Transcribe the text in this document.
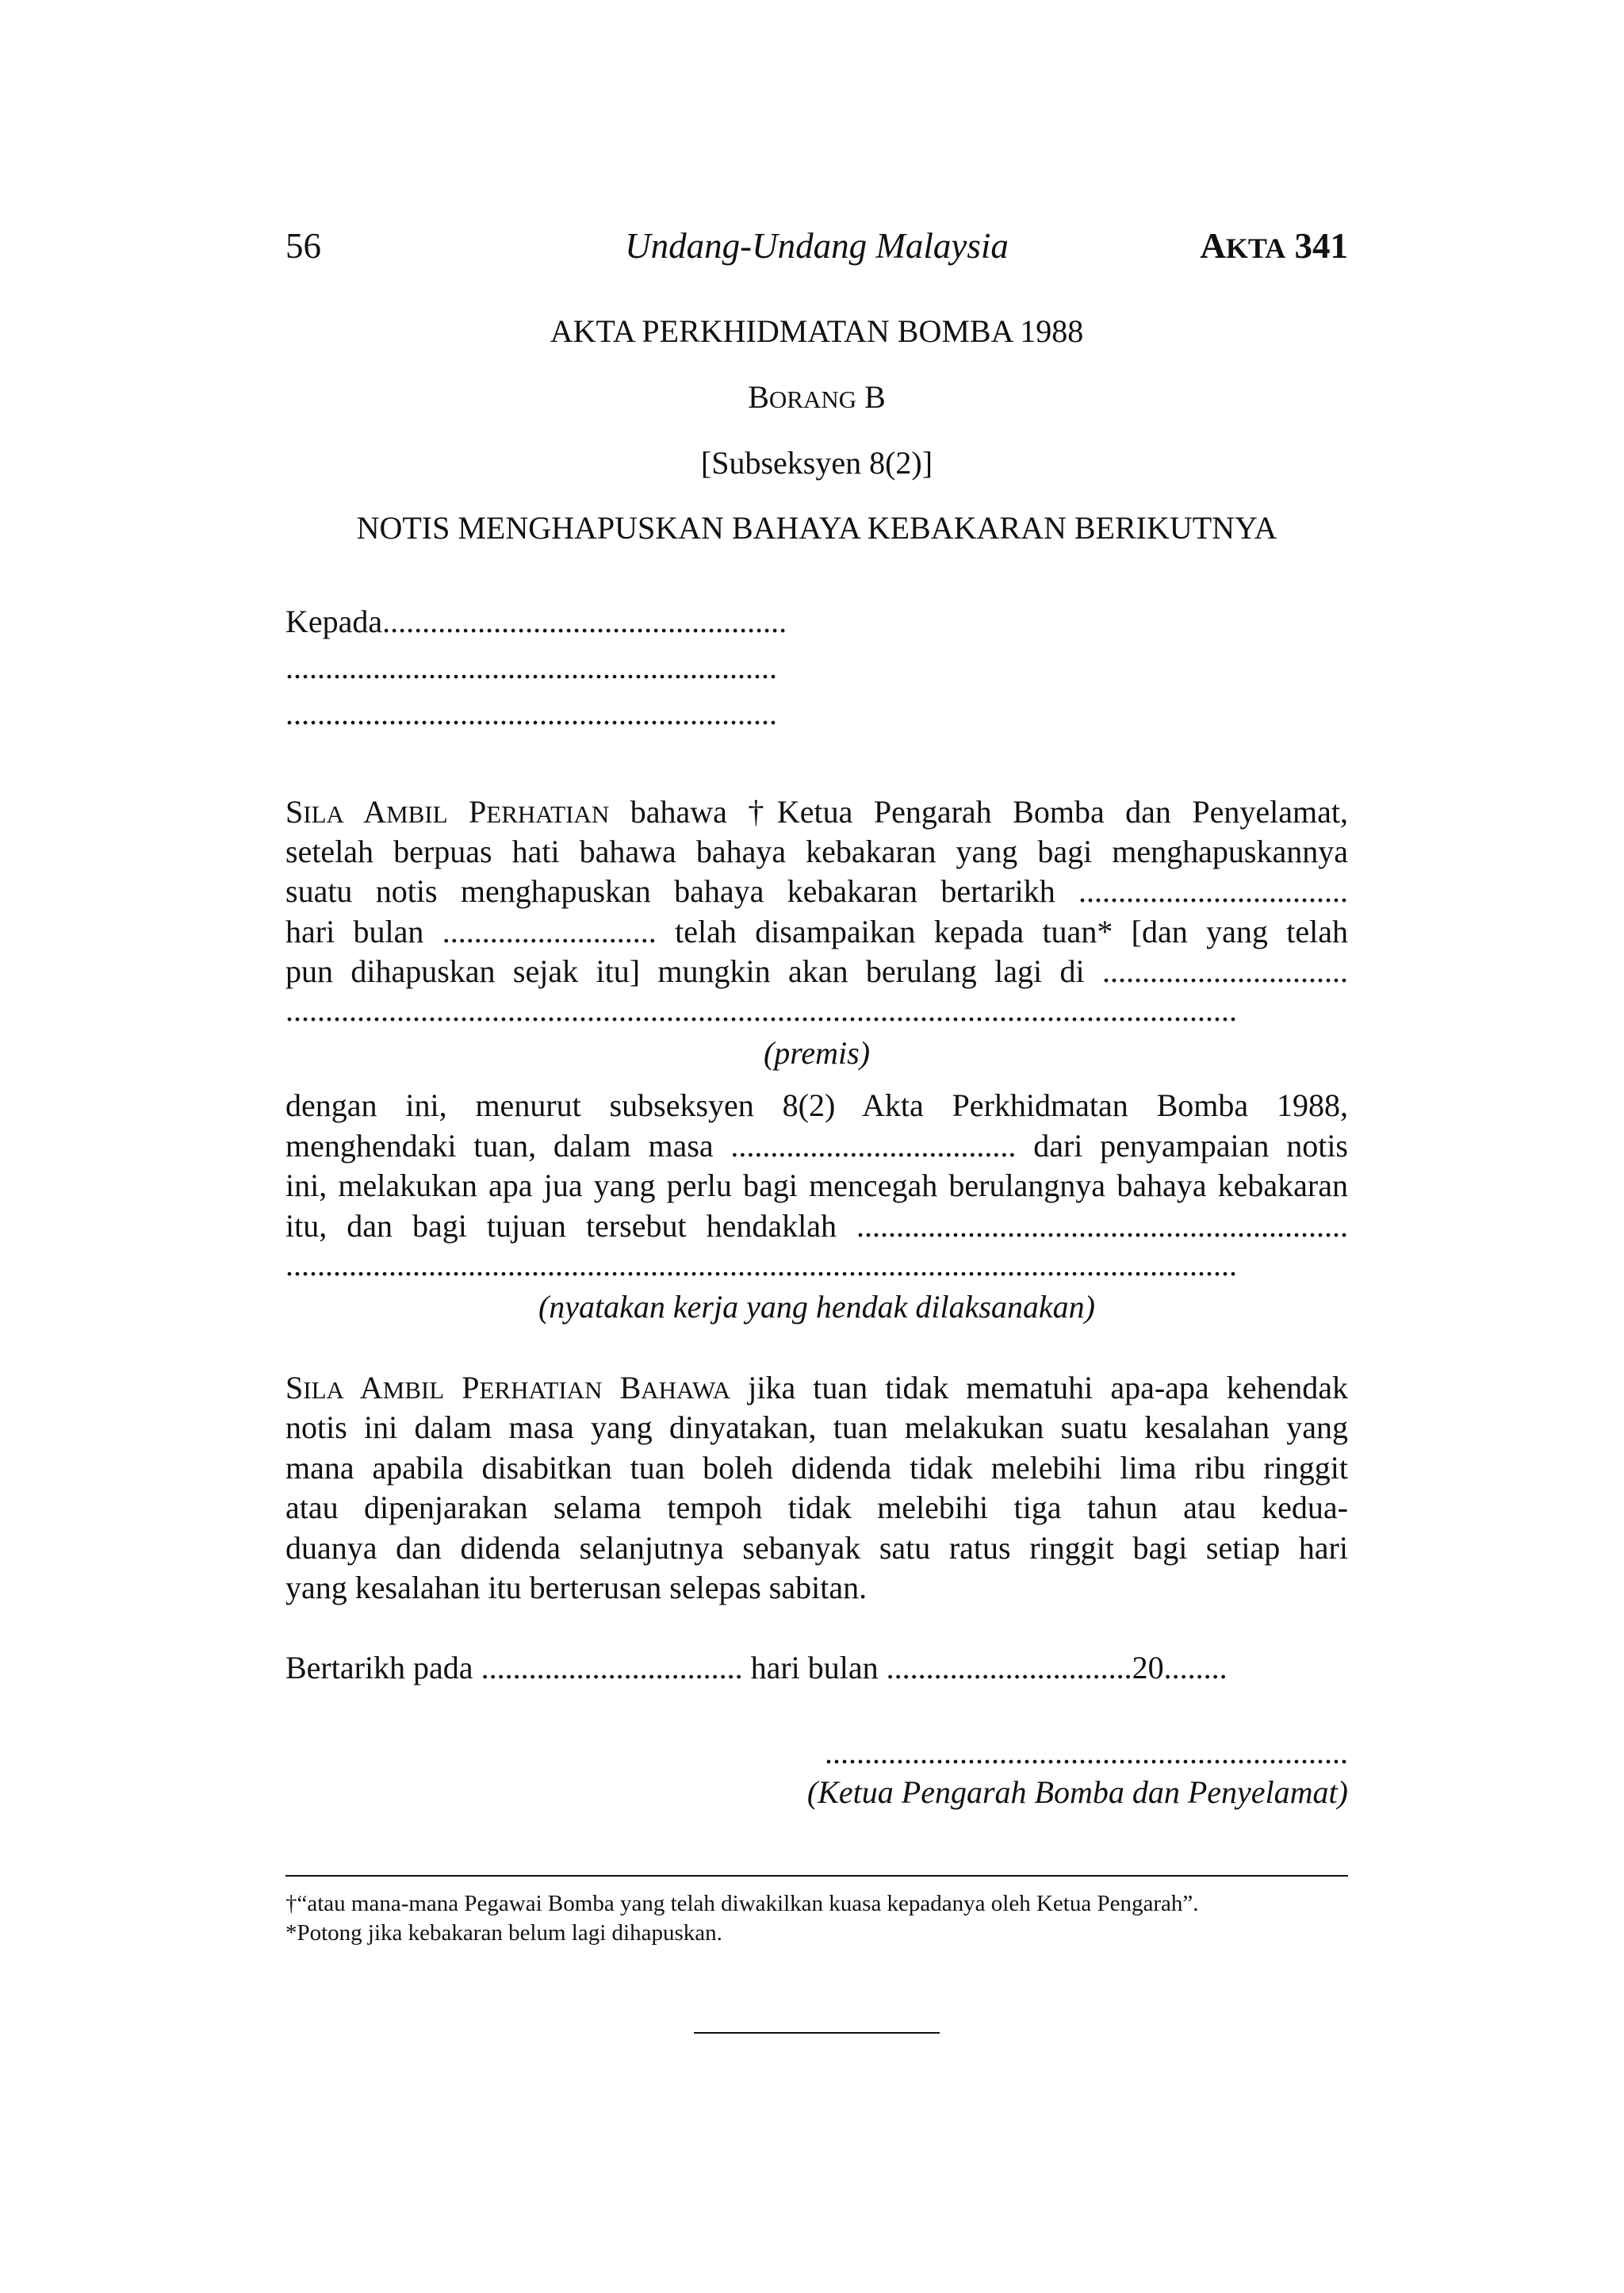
56	Undang-Undang Malaysia	AKTA 341
AKTA PERKHIDMATAN BOMBA 1988
BORANG B
[Subseksyen 8(2)]
NOTIS MENGHAPUSKAN BAHAYA KEBAKARAN BERIKUTNYA
Kepada...................................................
..............................................................
..............................................................
SILA AMBIL PERHATIAN bahawa †Ketua Pengarah Bomba dan Penyelamat,
setelah berpuas hati bahawa bahaya kebakaran yang bagi menghapuskannya
suatu notis menghapuskan bahaya kebakaran bertarikh ..................................
hari bulan ........................... telah disampaikan kepada tuan* [dan yang telah
pun dihapuskan sejak itu] mungkin akan berulang lagi di ...............................
........................................................................................................................
(premis)
dengan ini, menurut subseksyen 8(2) Akta Perkhidmatan Bomba 1988,
menghendaki tuan, dalam masa .................................... dari penyampaian notis
ini, melakukan apa jua yang perlu bagi mencegah berulangnya bahaya kebakaran
itu, dan bagi tujuan tersebut hendaklah ..............................................................
........................................................................................................................
(nyatakan kerja yang hendak dilaksanakan)
SILA AMBIL PERHATIAN BAHAWA jika tuan tidak mematuhi apa-apa kehendak
notis ini dalam masa yang dinyatakan, tuan melakukan suatu kesalahan yang
mana apabila disabitkan tuan boleh didenda tidak melebihi lima ribu ringgit
atau dipenjarakan selama tempoh tidak melebihi tiga tahun atau kedua-
duanya dan didenda selanjutnya sebanyak satu ratus ringgit bagi setiap hari
yang kesalahan itu berterusan selepas sabitan.
Bertarikh pada ................................. hari bulan ...............................20........
..................................................................
(Ketua Pengarah Bomba dan Penyelamat)
†“atau mana-mana Pegawai Bomba yang telah diwakilkan kuasa kepadanya oleh Ketua Pengarah”.
*Potong jika kebakaran belum lagi dihapuskan.
